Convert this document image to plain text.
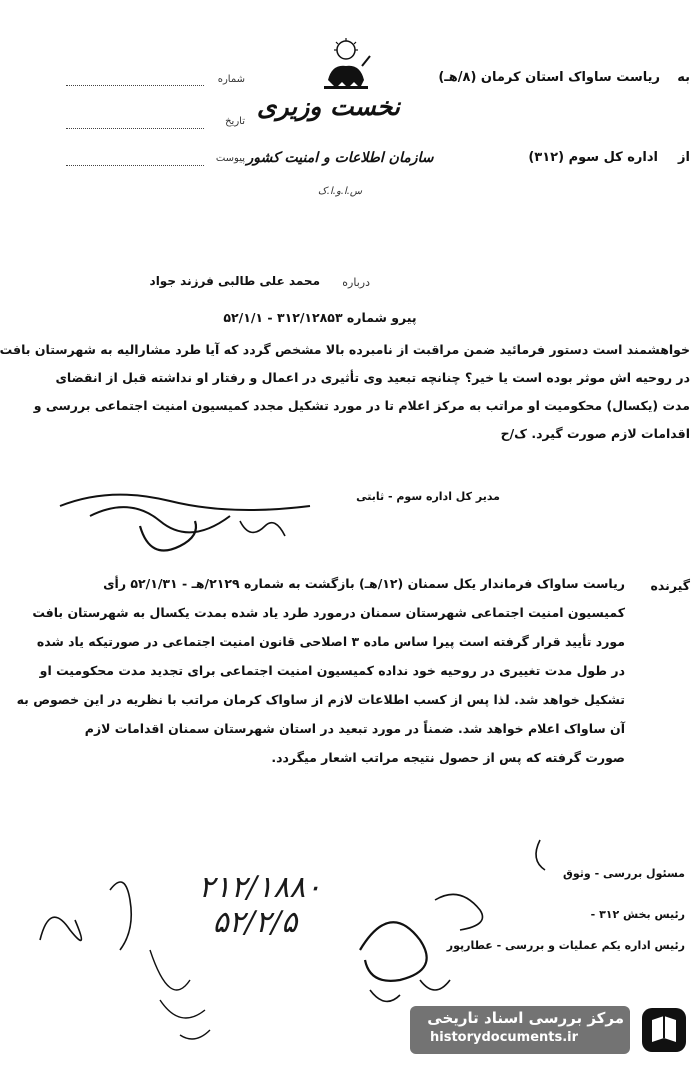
شماره
تاریخ
پیوست
نخست وزیری
سازمان اطلاعات و امنیت کشور
س.ا.و.ا.ک
به
ریاست ساواک استان کرمان (۸/هـ)
از
اداره کل سوم (۳۱۲)
درباره
محمد علی طالبی فرزند جواد
پیرو شماره ۳۱۲/۱۲۸۵۳ - ۵۲/۱/۱
خواهشمند است دستور فرمائید ضمن مراقبت از نامبرده بالا مشخص گردد که آیا طرد مشارالیه به شهرستان بافت
در روحیه اش موثر بوده است یا خیر؟ چنانچه تبعید وی تأثیری در اعمال و رفتار او نداشته قبل از انقضای
مدت (یکسال) محکومیت او مراتب به مرکز اعلام تا در مورد تشکیل مجدد کمیسیون امنیت اجتماعی بررسی و
اقدامات لازم صورت گیرد. ک/ح
مدیر کل اداره سوم - ثابتی
گیرنده
ریاست ساواک فرماندار یکل سمنان (۱۲/هـ) بازگشت به شماره ۲۱۲۹/هـ - ۵۲/۱/۳۱ رأی
کمیسیون امنیت اجتماعی شهرستان سمنان درمورد طرد یاد شده بمدت یکسال به شهرستان بافت
مورد تأیید قرار گرفته است پیرا ساس ماده ۳ اصلاحی قانون امنیت اجتماعی در صورتیکه یاد شده
در طول مدت تغییری در روحیه خود نداده کمیسیون امنیت اجتماعی برای تجدید مدت محکومیت او
تشکیل خواهد شد. لذا پس از کسب اطلاعات لازم از ساواک کرمان مراتب با نظریه در این خصوص به
آن ساواک اعلام خواهد شد. ضمناً در مورد تبعید در استان شهرستان سمنان اقدامات لازم
صورت گرفته که پس از حصول نتیجه مراتب اشعار میگردد.
مسئول بررسی - وثوق
رئیس بخش ۳۱۲ -
رئیس اداره یکم عملیات و بررسی - عطارپور
۲۱۲/۱۸۸۰
۵۲/۲/۵
مرکز بررسی اسناد تاریخی
historydocuments.ir
